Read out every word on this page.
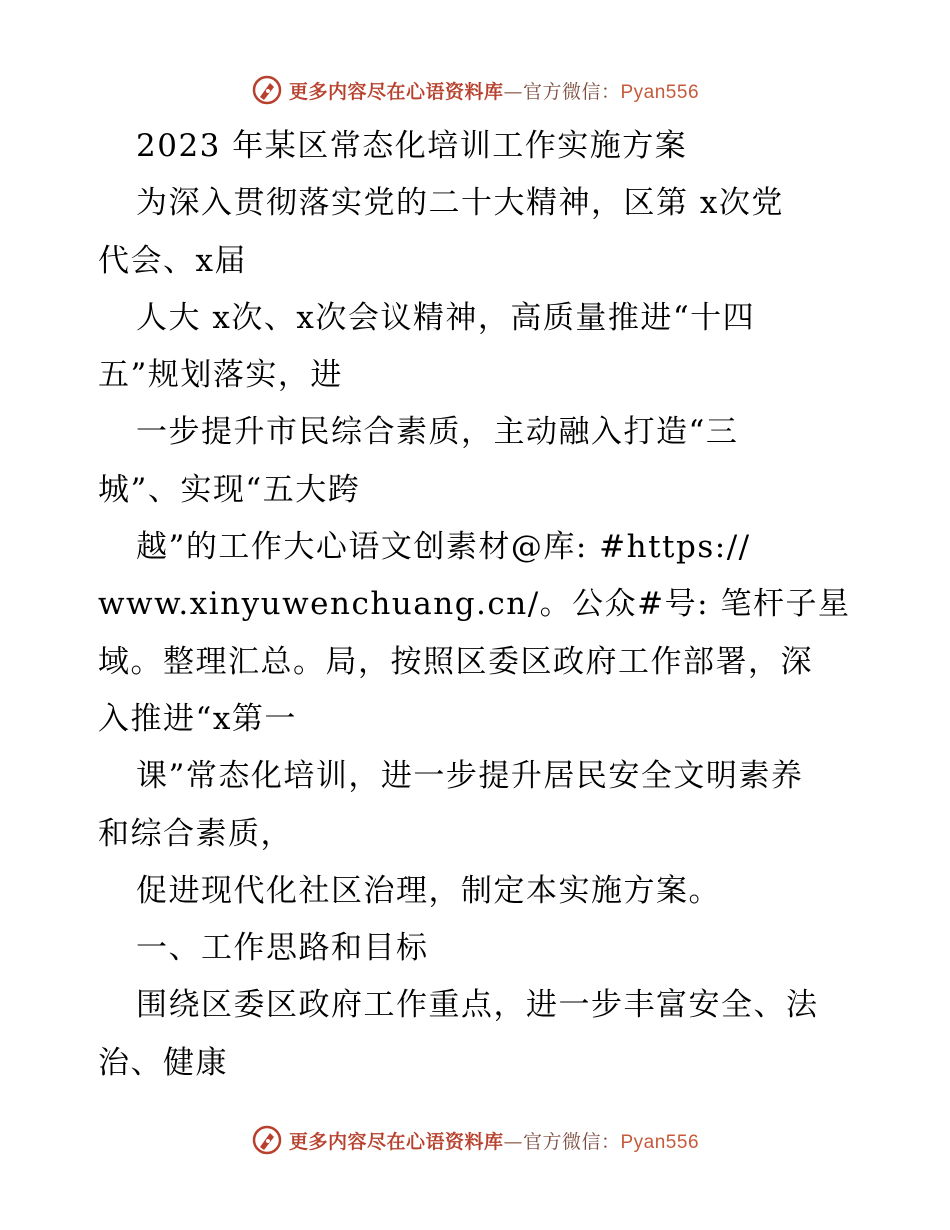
更多内容尽在心语资料库—官方微信：Pyan556
2023 年某区常态化培训工作实施方案
为深入贯彻落实党的二十大精神，区第 x次党
代会、x届
人大 x次、x次会议精神，高质量推进“十四
五”规划落实，进
一步提升市民综合素质，主动融入打造“三
城”、实现“五大跨
越”的工作大心语文创素材@库: #https://
www.xinyuwenchuang.cn/。公众#号: 笔杆子星
域。整理汇总。局，按照区委区政府工作部署，深
入推进“x第一
课”常态化培训，进一步提升居民安全文明素养
和综合素质，
促进现代化社区治理，制定本实施方案。
一、工作思路和目标
围绕区委区政府工作重点，进一步丰富安全、法
治、健康
更多内容尽在心语资料库—官方微信：Pyan556
